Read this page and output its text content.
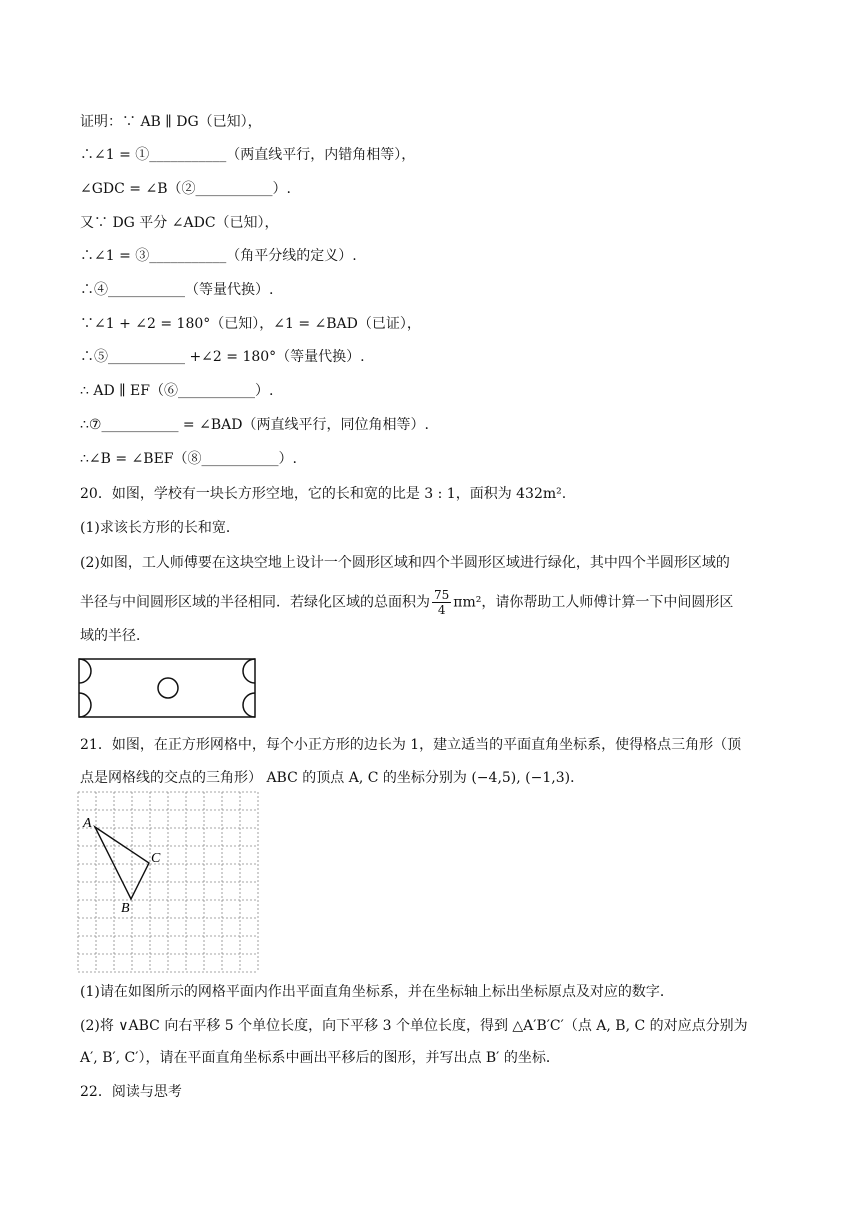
证明：∵ AB ∥ DG（已知），
∴∠1 = ①___________（两直线平行，内错角相等），
∠GDC = ∠B（②___________）.
又∵ DG 平分 ∠ADC（已知），
∴∠1 = ③___________（角平分线的定义）.
∴④___________（等量代换）.
∵∠1 + ∠2 = 180°（已知），∠1 = ∠BAD（已证），
∴⑤___________ +∠2 = 180°（等量代换）.
∴ AD ∥ EF（⑥___________）.
∴⑦___________ = ∠BAD（两直线平行，同位角相等）.
∴∠B = ∠BEF（⑧___________）.
20．如图，学校有一块长方形空地，它的长和宽的比是 3 : 1，面积为 432m².
(1)求该长方形的长和宽．
(2)如图，工人师傅要在这块空地上设计一个圆形区域和四个半圆形区域进行绿化，其中四个半圆形区域的
半径与中间圆形区域的半径相同．若绿化区域的总面积为 $\frac{75}{4} \pi m^2$，请你帮助工人师傅计算一下中间圆形区
域的半径．
21．如图，在正方形网格中，每个小正方形的边长为 1，建立适当的平面直角坐标系，使得格点三角形（顶
点是网格线的交点的三角形） ABC 的顶点 A, C 的坐标分别为 (−4,5), (−1,3)．
A
C
B
(1)请在如图所示的网格平面内作出平面直角坐标系，并在坐标轴上标出坐标原点及对应的数字．
(2)将 ∨ABC 向右平移 5 个单位长度，向下平移 3 个单位长度，得到 △A′B′C′（点 A, B, C 的对应点分别为
A′, B′, C′），请在平面直角坐标系中画出平移后的图形，并写出点 B′ 的坐标．
22．阅读与思考
